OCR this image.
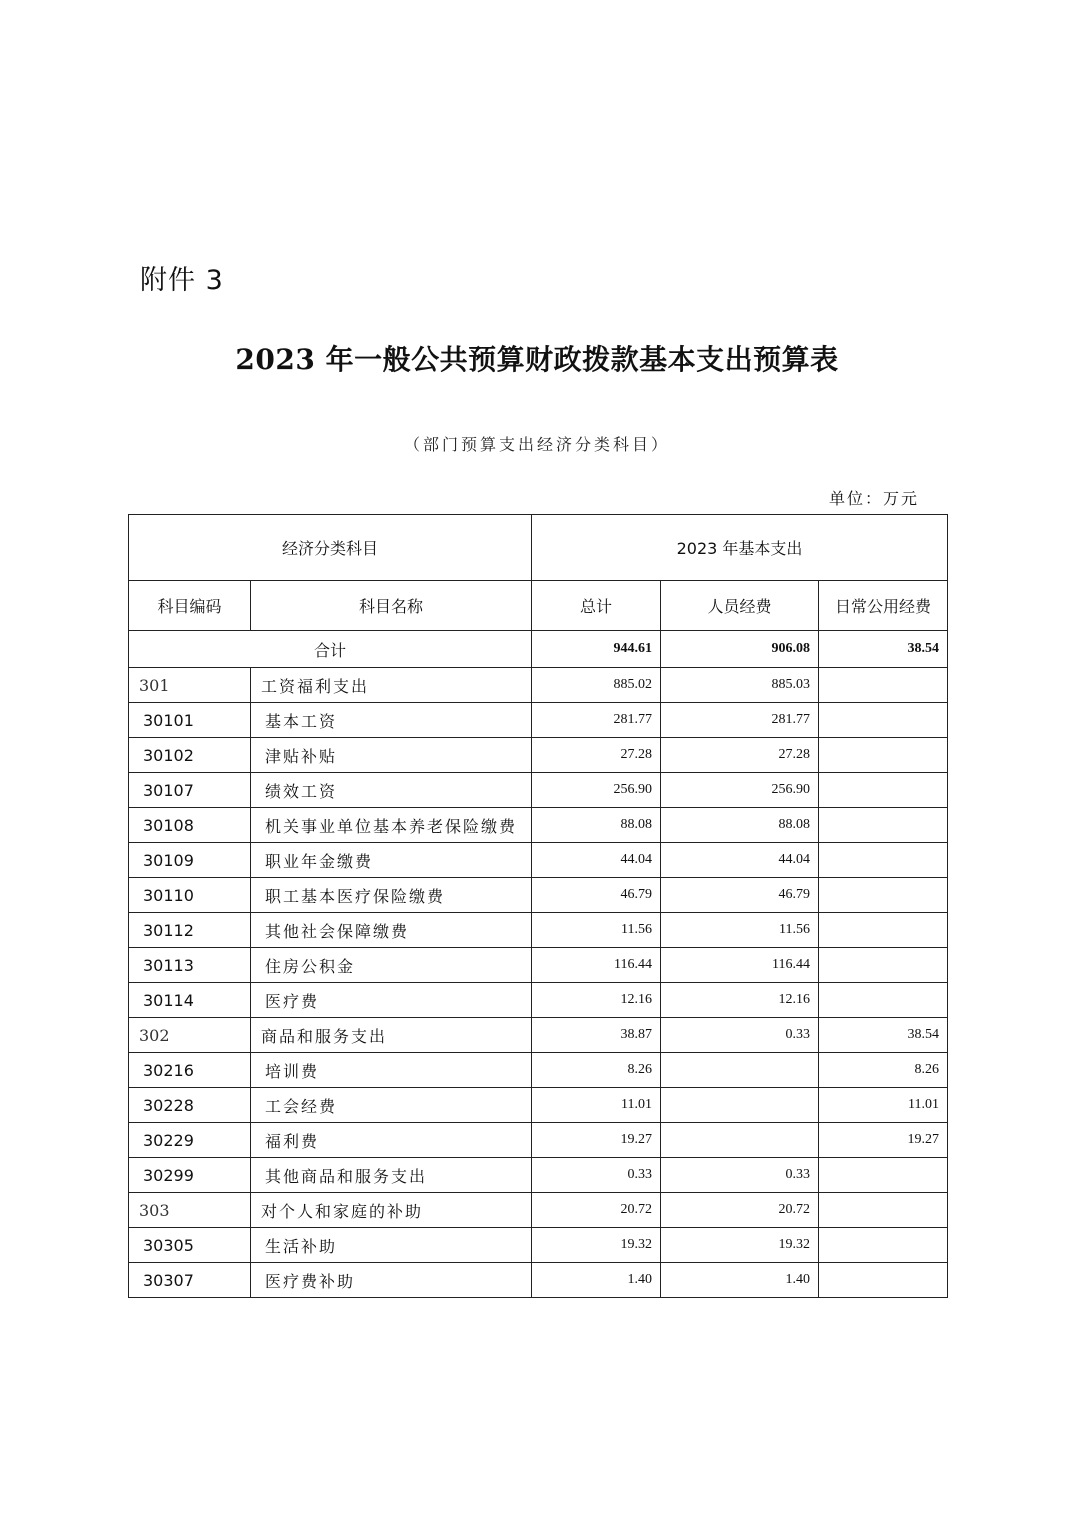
附件 3
2023 年一般公共预算财政拨款基本支出预算表
（部门预算支出经济分类科目）
单位：万元
经济分类科目		2023 年基本支出		
科目编码	科目名称	总计	人员经费	日常公用经费
合计		944.61	906.08	38.54
301	工资福利支出	885.02	885.03	
30101	基本工资	281.77	281.77	
30102	津贴补贴	27.28	27.28	
30107	绩效工资	256.90	256.90	
30108	机关事业单位基本养老保险缴费	88.08	88.08	
30109	职业年金缴费	44.04	44.04	
30110	职工基本医疗保险缴费	46.79	46.79	
30112	其他社会保障缴费	11.56	11.56	
30113	住房公积金	116.44	116.44	
30114	医疗费	12.16	12.16	
302	商品和服务支出	38.87	0.33	38.54
30216	培训费	8.26		8.26
30228	工会经费	11.01		11.01
30229	福利费	19.27		19.27
30299	其他商品和服务支出	0.33	0.33	
303	对个人和家庭的补助	20.72	20.72	
30305	生活补助	19.32	19.32	
30307	医疗费补助	1.40	1.40	
